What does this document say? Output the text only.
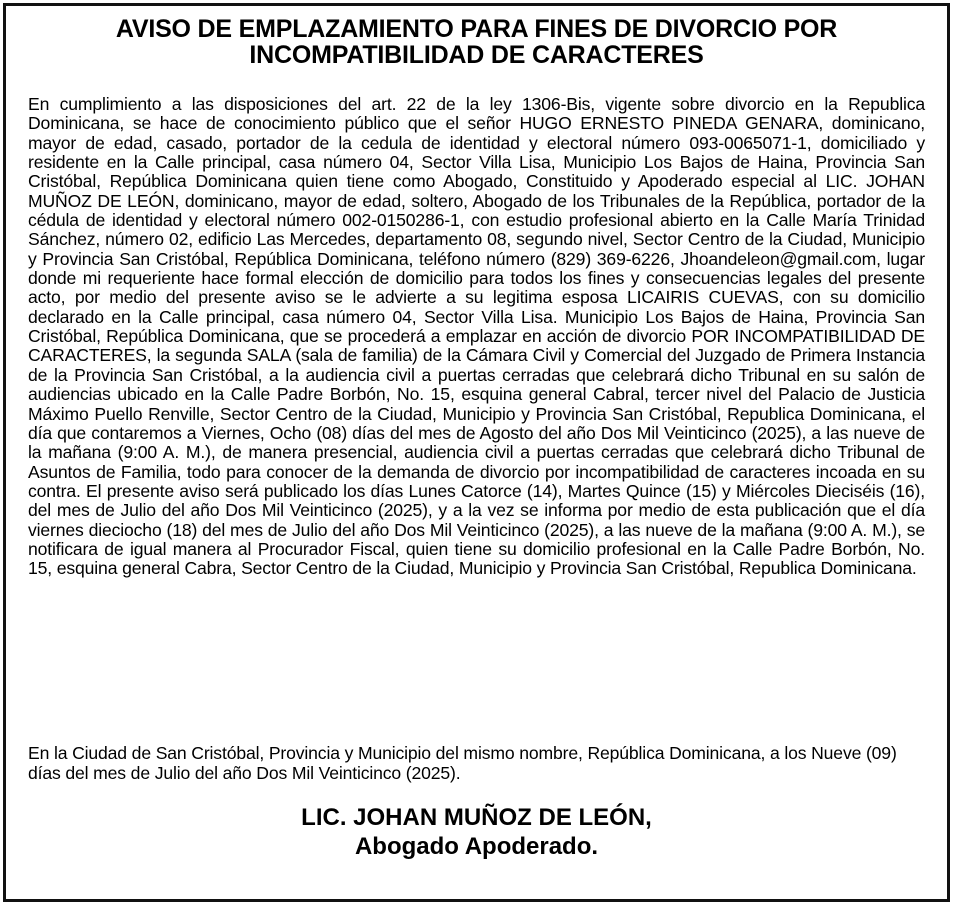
AVISO DE EMPLAZAMIENTO PARA FINES DE DIVORCIO POR INCOMPATIBILIDAD DE CARACTERES

En cumplimiento a las disposiciones del art. 22 de la ley 1306-Bis, vigente sobre divorcio en la Republica Dominicana, se hace de conocimiento público que el señor HUGO ERNESTO PINEDA GENARA, dominicano, mayor de edad, casado, portador de la cedula de identidad y electoral número 093-0065071-1, domiciliado y residente en la Calle principal, casa número 04, Sector Villa Lisa, Municipio Los Bajos de Haina, Provincia San Cristóbal, República Dominicana quien tiene como Abogado, Constituido y Apoderado especial al LIC. JOHAN MUÑOZ DE LEÓN, dominicano, mayor de edad, soltero, Abogado de los Tribunales de la República, portador de la cédula de identidad y electoral número 002-0150286-1, con estudio profesional abierto en la Calle María Trinidad Sánchez, número 02, edificio Las Mercedes, departamento 08, segundo nivel, Sector Centro de la Ciudad, Municipio y Provincia San Cristóbal, República Dominicana, teléfono número (829) 369-6226, Jhoandeleon@gmail.com, lugar donde mi requeriente hace formal elección de domicilio para todos los fines y consecuencias legales del presente acto, por medio del presente aviso se le advierte a su legitima esposa LICAIRIS CUEVAS, con su domicilio declarado en la Calle principal, casa número 04, Sector Villa Lisa. Municipio Los Bajos de Haina, Provincia San Cristóbal, República Dominicana, que se procederá a emplazar en acción de divorcio POR INCOMPATIBILIDAD DE CARACTERES, la segunda SALA (sala de familia) de la Cámara Civil y Comercial del Juzgado de Primera Instancia de la Provincia San Cristóbal, a la audiencia civil a puertas cerradas que celebrará dicho Tribunal en su salón de audiencias ubicado en la Calle Padre Borbón, No. 15, esquina general Cabral, tercer nivel del Palacio de Justicia Máximo Puello Renville, Sector Centro de la Ciudad, Municipio y Provincia San Cristóbal, Republica Dominicana, el día que contaremos a Viernes, Ocho (08) días del mes de Agosto del año Dos Mil Veinticinco (2025), a las nueve de la mañana (9:00 A. M.), de manera presencial, audiencia civil a puertas cerradas que celebrará dicho Tribunal de Asuntos de Familia, todo para conocer de la demanda de divorcio por incompatibilidad de caracteres incoada en su contra. El presente aviso será publicado los días Lunes Catorce (14), Martes Quince (15) y Miércoles Dieciséis (16), del mes de Julio del año Dos Mil Veinticinco (2025), y a la vez se informa por medio de esta publicación que el día viernes dieciocho (18) del mes de Julio del año Dos Mil Veinticinco (2025), a las nueve de la mañana (9:00 A. M.), se notificara de igual manera al Procurador Fiscal, quien tiene su domicilio profesional en la Calle Padre Borbón, No. 15, esquina general Cabra, Sector Centro de la Ciudad, Municipio y Provincia San Cristóbal, Republica Dominicana.

En la Ciudad de San Cristóbal, Provincia y Municipio del mismo nombre, República Dominicana, a los Nueve (09) días del mes de Julio del año Dos Mil Veinticinco (2025).

LIC. JOHAN MUÑOZ DE LEÓN,
Abogado Apoderado.
